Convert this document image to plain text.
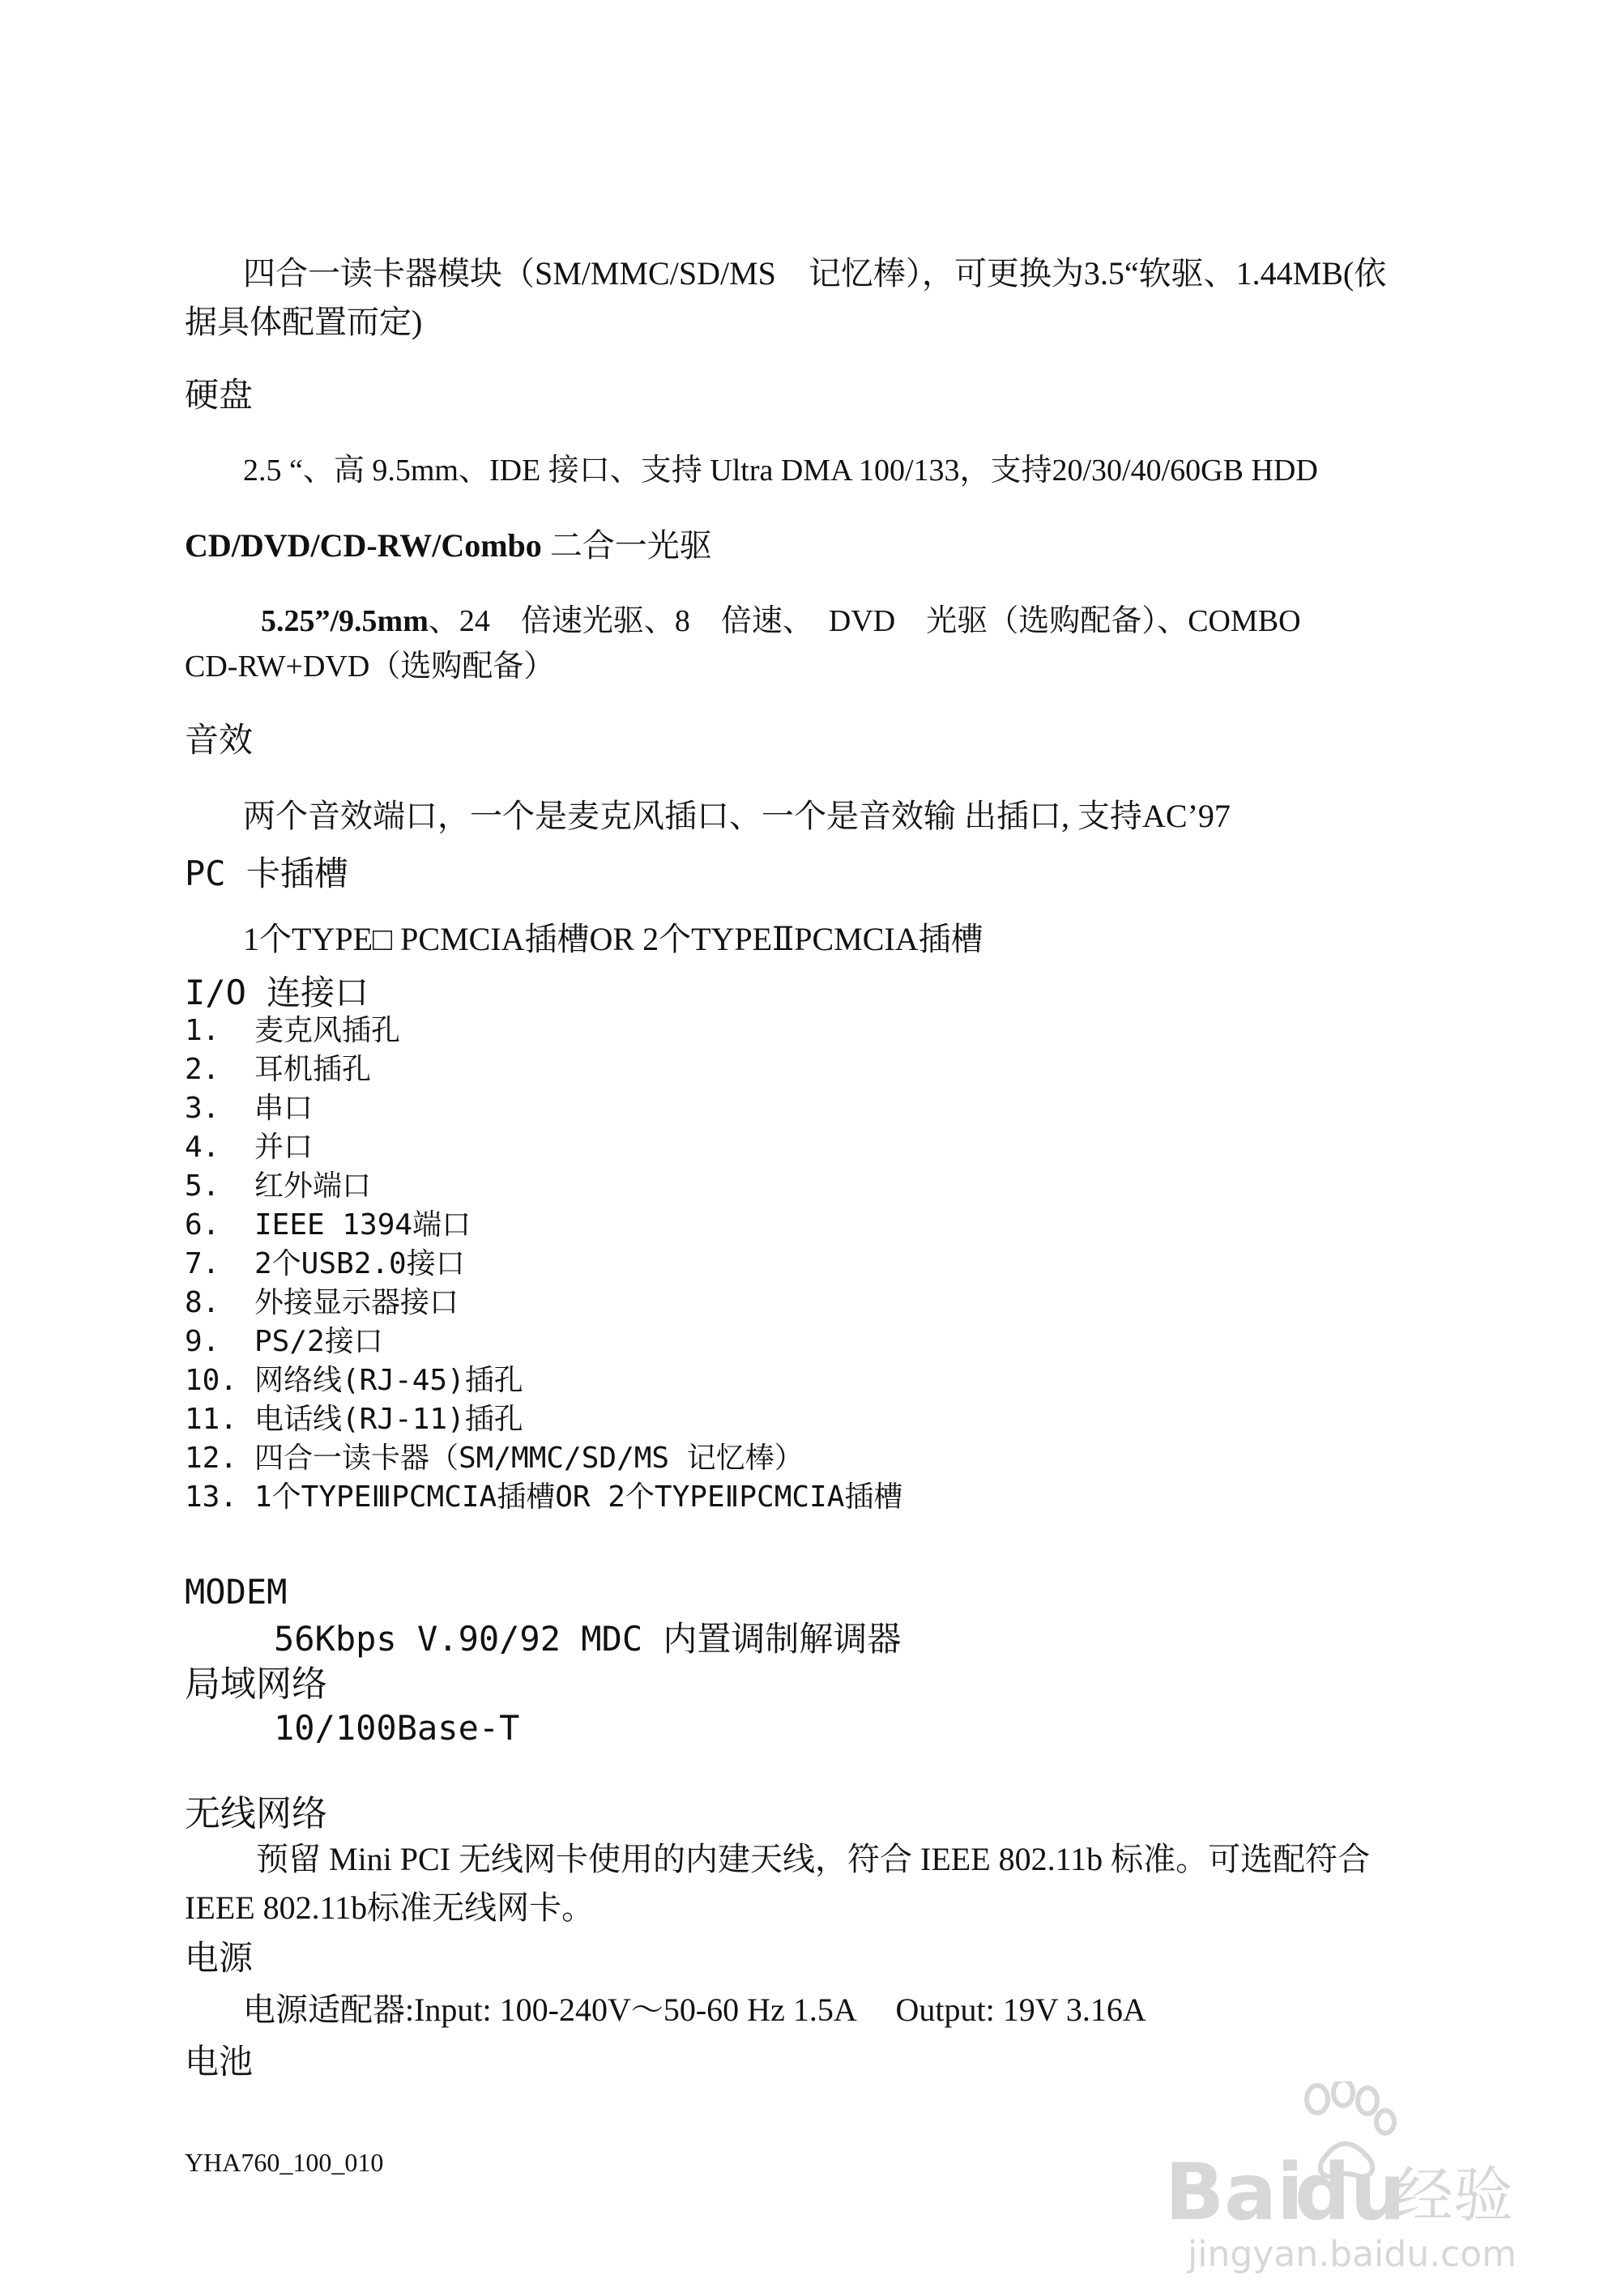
四合一读卡器模块（SM/MMC/SD/MS　记忆棒），可更换为3.5“软驱、1.44MB(依
据具体配置而定)
硬盘
2.5 “、高 9.5mm、IDE 接口、支持 Ultra DMA 100/133，支持20/30/40/60GB HDD
CD/DVD/CD-RW/Combo 二合一光驱
5.25”/9.5mm、24　倍速光驱、8　倍速、　DVD　光驱（选购配备）、COMBO
CD-RW+DVD（选购配备）
音效
两个音效端口，一个是麦克风插口、一个是音效输 出插口, 支持AC’97
PC 卡插槽
1个TYPE□ PCMCIA插槽OR 2个TYPEⅡPCMCIA插槽
I/O 连接口
1. 麦克风插孔
2. 耳机插孔
3. 串口
4. 并口
5. 红外端口
6. IEEE 1394端口
7. 2个USB2.0接口
8. 外接显示器接口
9. PS/2接口
10. 网络线(RJ-45)插孔
11. 电话线(RJ-11)插孔
12. 四合一读卡器（SM/MMC/SD/MS 记忆棒）
13. 1个TYPEⅢPCMCIA插槽OR 2个TYPEⅡPCMCIA插槽
MODEM
56Kbps V.90/92 MDC 内置调制解调器
局域网络
10/100Base-T
无线网络
预留 Mini PCI 无线网卡使用的内建天线，符合 IEEE 802.11b 标准。可选配符合
IEEE 802.11b标准无线网卡。
电源
电源适配器:Input: 100-240V～50-60 Hz 1.5A　 Output: 19V 3.16A
电池
YHA760_100_010	Bai
du
经验
jingyan.baidu.com
